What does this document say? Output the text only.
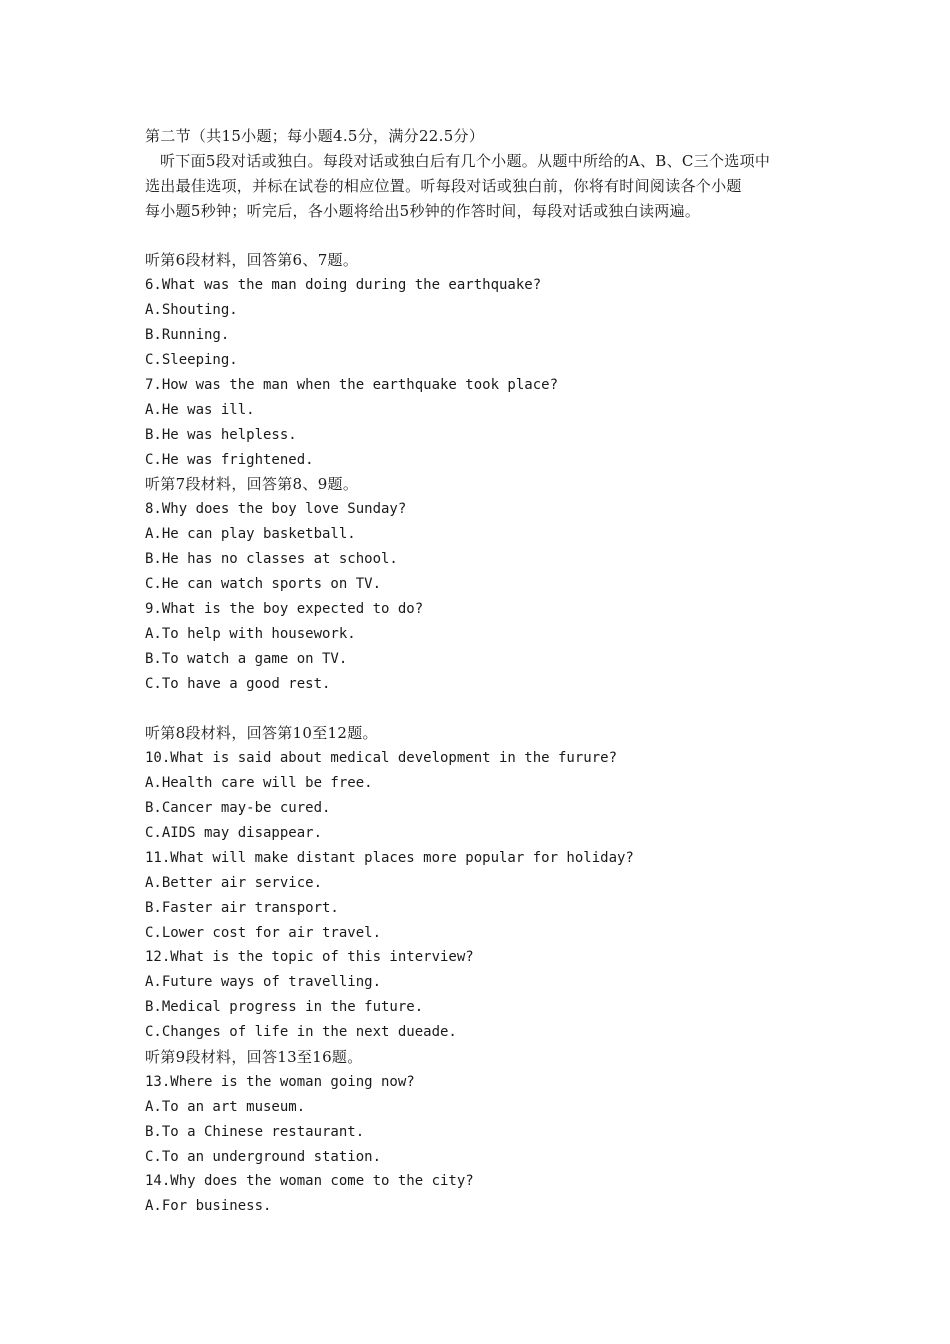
第二节（共15小题；每小题4.5分，满分22.5分）
听下面5段对话或独白。每段对话或独白后有几个小题。从题中所给的A、B、C三个选项中
选出最佳选项，并标在试卷的相应位置。听每段对话或独白前，你将有时间阅读各个小题
每小题5秒钟；听完后，各小题将给出5秒钟的作答时间，每段对话或独白读两遍。
听第6段材料，回答第6、7题。
6.What was the man doing during the earthquake?
A.Shouting.
B.Running.
C.Sleeping.
7.How was the man when the earthquake took place?
A.He was ill.
B.He was helpless.
C.He was frightened.
听第7段材料，回答第8、9题。
8.Why does the boy love Sunday?
A.He can play basketball.
B.He has no classes at school.
C.He can watch sports on TV.
9.What is the boy expected to do?
A.To help with housework.
B.To watch a game on TV.
C.To have a good rest.
听第8段材料，回答第10至12题。
10.What is said about medical development in the furure?
A.Health care will be free.
B.Cancer may-be cured.
C.AIDS may disappear.
11.What will make distant places more popular for holiday?
A.Better air service.
B.Faster air transport.
C.Lower cost for air travel.
12.What is the topic of this interview?
A.Future ways of travelling.
B.Medical progress in the future.
C.Changes of life in the next dueade.
听第9段材料，回答13至16题。
13.Where is the woman going now?
A.To an art museum.
B.To a Chinese restaurant.
C.To an underground station.
14.Why does the woman come to the city?
A.For business.
